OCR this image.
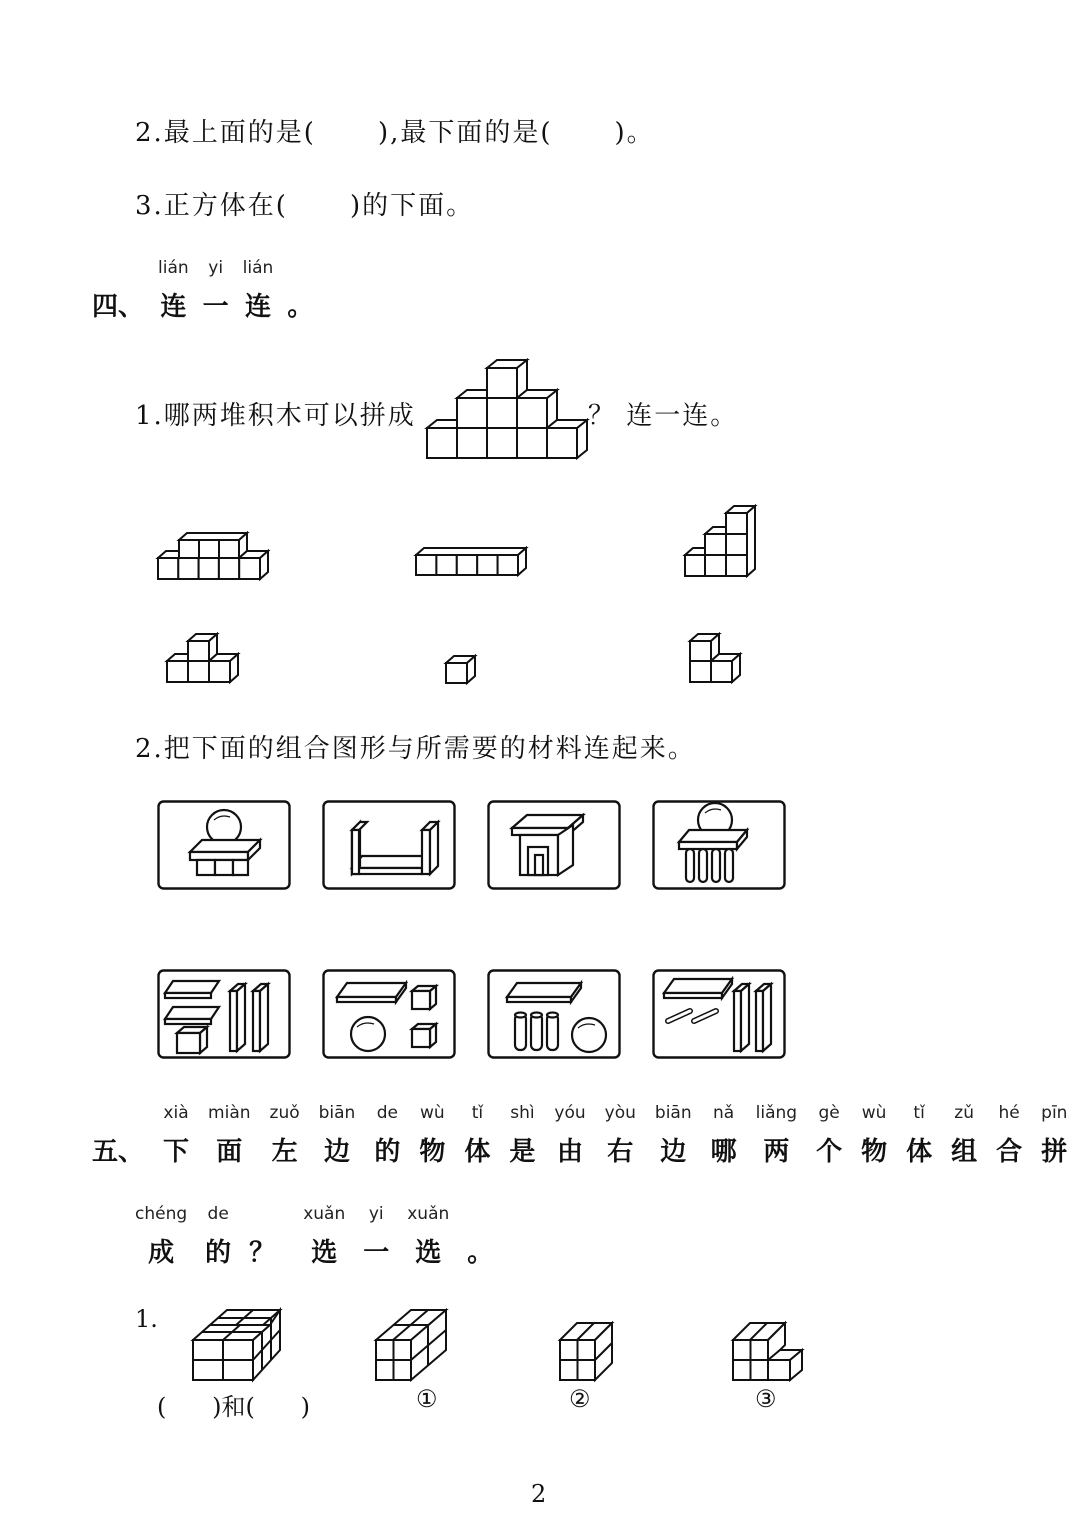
2.最上面的是( ),最下面的是( )。
3.正方体在( )的下面。
四、
lián
连
yi
一
lián
连 。
1.哪两堆积木可以拼成	？ 连一连。
2.把下面的组合图形与所需要的材料连起来。
五、
xià
下
miàn
面
zuǒ
左
biān
边
de
的
wù
物
tǐ
体
shì
是
yóu
由
yòu
右
biān
边
nǎ
哪
liǎng
两
gè
个
wù
物
tǐ
体
zǔ
组
hé
合
pīn
拼
chéng
成
de
的 ？
xuǎn
选
yi
一
xuǎn
选 。
1.
(      )和(      )	①	②	③
2
